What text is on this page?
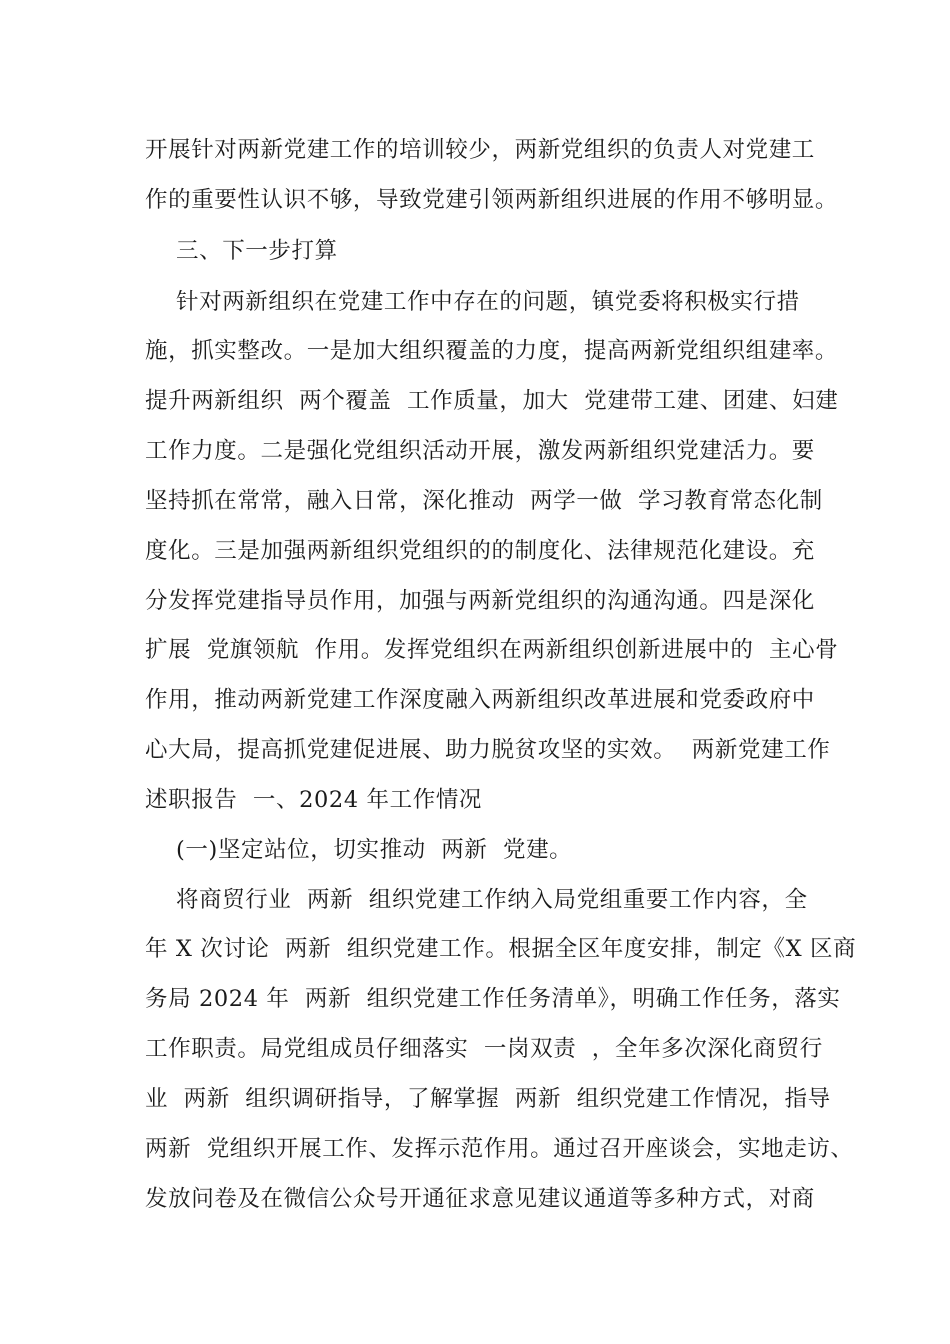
开展针对两新党建工作的培训较少，两新党组织的负责人对党建工
作的重要性认识不够，导致党建引领两新组织进展的作用不够明显。
三、下一步打算
针对两新组织在党建工作中存在的问题，镇党委将积极实行措
施，抓实整改。一是加大组织覆盖的力度，提高两新党组织组建率。
提升两新组织  两个覆盖  工作质量，加大  党建带工建、团建、妇建
工作力度。二是强化党组织活动开展，激发两新组织党建活力。要
坚持抓在常常，融入日常，深化推动  两学一做  学习教育常态化制
度化。三是加强两新组织党组织的的制度化、法律规范化建设。充
分发挥党建指导员作用，加强与两新党组织的沟通沟通。四是深化
扩展  党旗领航  作用。发挥党组织在两新组织创新进展中的  主心骨
作用，推动两新党建工作深度融入两新组织改革进展和党委政府中
心大局，提高抓党建促进展、助力脱贫攻坚的实效。  两新党建工作
述职报告  一、2024 年工作情况
(一)坚定站位，切实推动  两新  党建。
将商贸行业  两新  组织党建工作纳入局党组重要工作内容，全
年 X 次讨论  两新  组织党建工作。根据全区年度安排，制定《X 区商
务局 2024 年  两新  组织党建工作任务清单》，明确工作任务，落实
工作职责。局党组成员仔细落实  一岗双责  ，全年多次深化商贸行
业  两新  组织调研指导，了解掌握  两新  组织党建工作情况，指导
两新  党组织开展工作、发挥示范作用。通过召开座谈会，实地走访、
发放问卷及在微信公众号开通征求意见建议通道等多种方式，对商
